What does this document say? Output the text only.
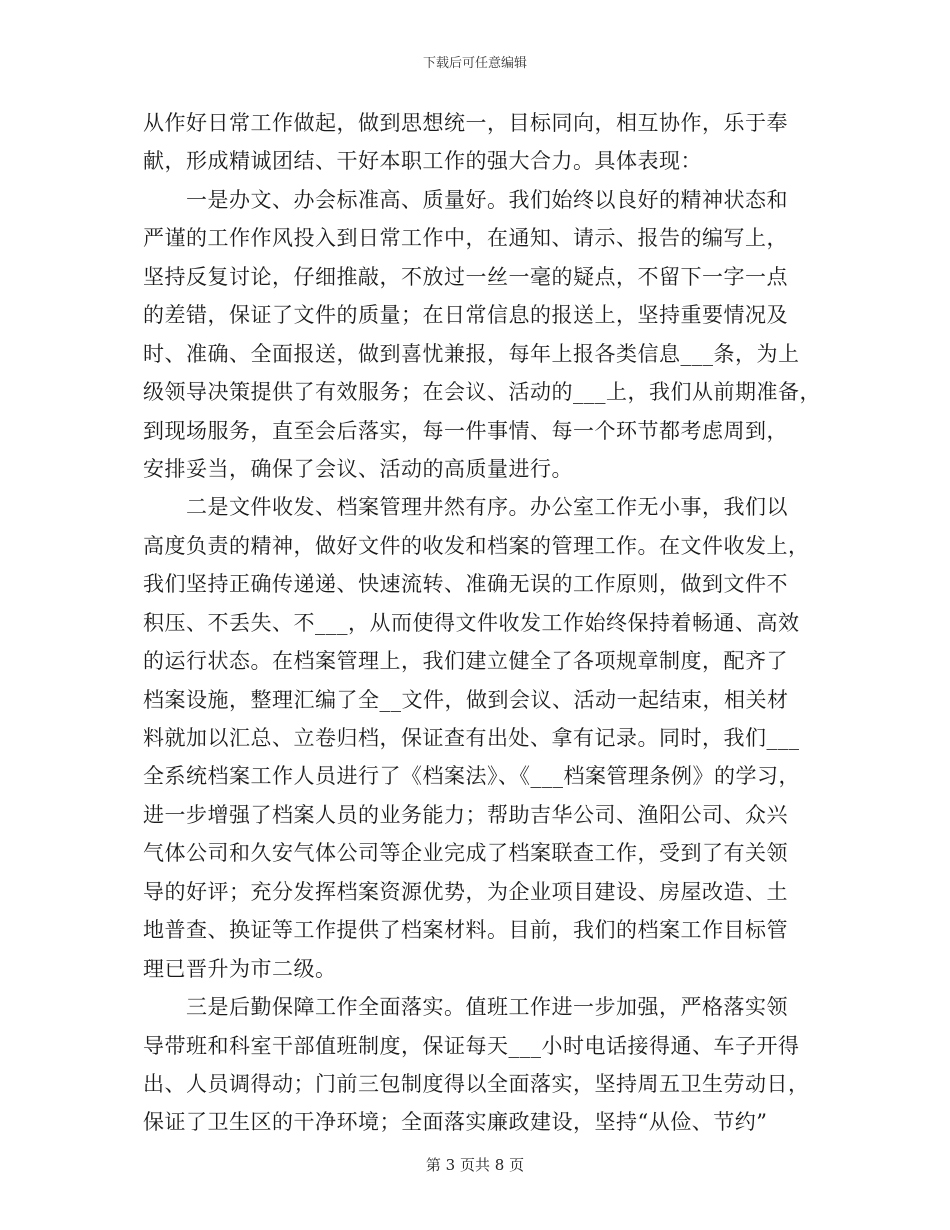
下载后可任意编辑
从作好日常工作做起，做到思想统一，目标同向，相互协作，乐于奉
献，形成精诚团结、干好本职工作的强大合力。具体表现：
　　一是办文、办会标准高、质量好。我们始终以良好的精神状态和
严谨的工作作风投入到日常工作中，在通知、请示、报告的编写上，
坚持反复讨论，仔细推敲，不放过一丝一毫的疑点，不留下一字一点
的差错，保证了文件的质量；在日常信息的报送上，坚持重要情况及
时、准确、全面报送，做到喜忧兼报，每年上报各类信息___条，为上
级领导决策提供了有效服务；在会议、活动的___上，我们从前期准备，
到现场服务，直至会后落实，每一件事情、每一个环节都考虑周到，
安排妥当，确保了会议、活动的高质量进行。
　　二是文件收发、档案管理井然有序。办公室工作无小事，我们以
高度负责的精神，做好文件的收发和档案的管理工作。在文件收发上，
我们坚持正确传递递、快速流转、准确无误的工作原则，做到文件不
积压、不丢失、不___，从而使得文件收发工作始终保持着畅通、高效
的运行状态。在档案管理上，我们建立健全了各项规章制度，配齐了
档案设施，整理汇编了全__文件，做到会议、活动一起结束，相关材
料就加以汇总、立卷归档，保证查有出处、拿有记录。同时，我们___
全系统档案工作人员进行了《档案法》、《___档案管理条例》的学习，
进一步增强了档案人员的业务能力；帮助吉华公司、渔阳公司、众兴
气体公司和久安气体公司等企业完成了档案联查工作，受到了有关领
导的好评；充分发挥档案资源优势，为企业项目建设、房屋改造、土
地普查、换证等工作提供了档案材料。目前，我们的档案工作目标管
理已晋升为市二级。
　　三是后勤保障工作全面落实。值班工作进一步加强，严格落实领
导带班和科室干部值班制度，保证每天___小时电话接得通、车子开得
出、人员调得动；门前三包制度得以全面落实，坚持周五卫生劳动日，
保证了卫生区的干净环境；全面落实廉政建设，坚持“从俭、节约”
第 3 页共 8 页
